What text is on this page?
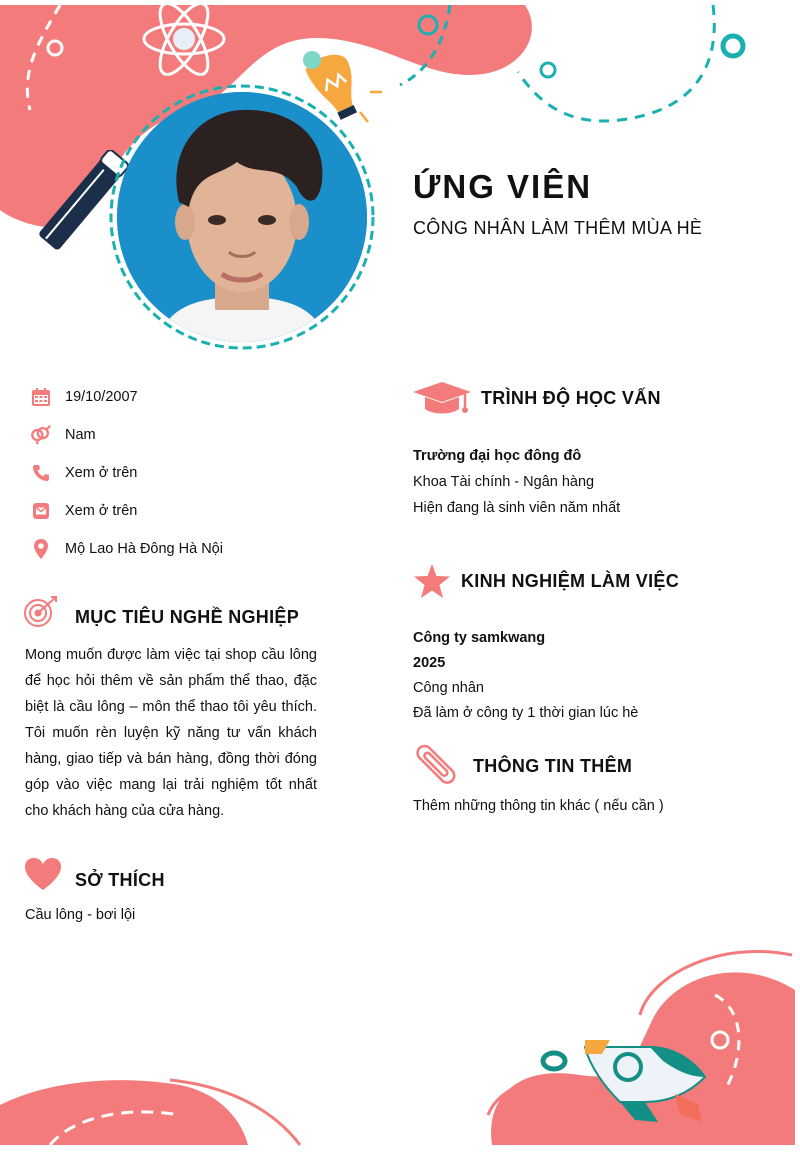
ỨNG VIÊN
CÔNG NHÂN LÀM THÊM MÙA HÈ
19/10/2007
Nam
Xem ở trên
Xem ở trên
Mộ Lao Hà Đông Hà Nội
MỤC TIÊU NGHỀ NGHIỆP
Mong muốn được làm việc tại shop cầu lông để học hỏi thêm về sản phẩm thể thao, đặc biệt là cầu lông – môn thể thao tôi yêu thích. Tôi muốn rèn luyện kỹ năng tư vấn khách hàng, giao tiếp và bán hàng, đồng thời đóng góp vào việc mang lại trải nghiệm tốt nhất cho khách hàng của cửa hàng.
SỞ THÍCH
Cầu lông - bơi lội
TRÌNH ĐỘ HỌC VẤN
Trường đại học đông đô
Khoa Tài chính - Ngân hàng
Hiện đang là sinh viên năm nhất
KINH NGHIỆM LÀM VIỆC
Công ty samkwang
2025
Công nhân
Đã làm ở công ty 1 thời gian lúc hè
THÔNG TIN THÊM
Thêm những thông tin khác ( nếu cần )
